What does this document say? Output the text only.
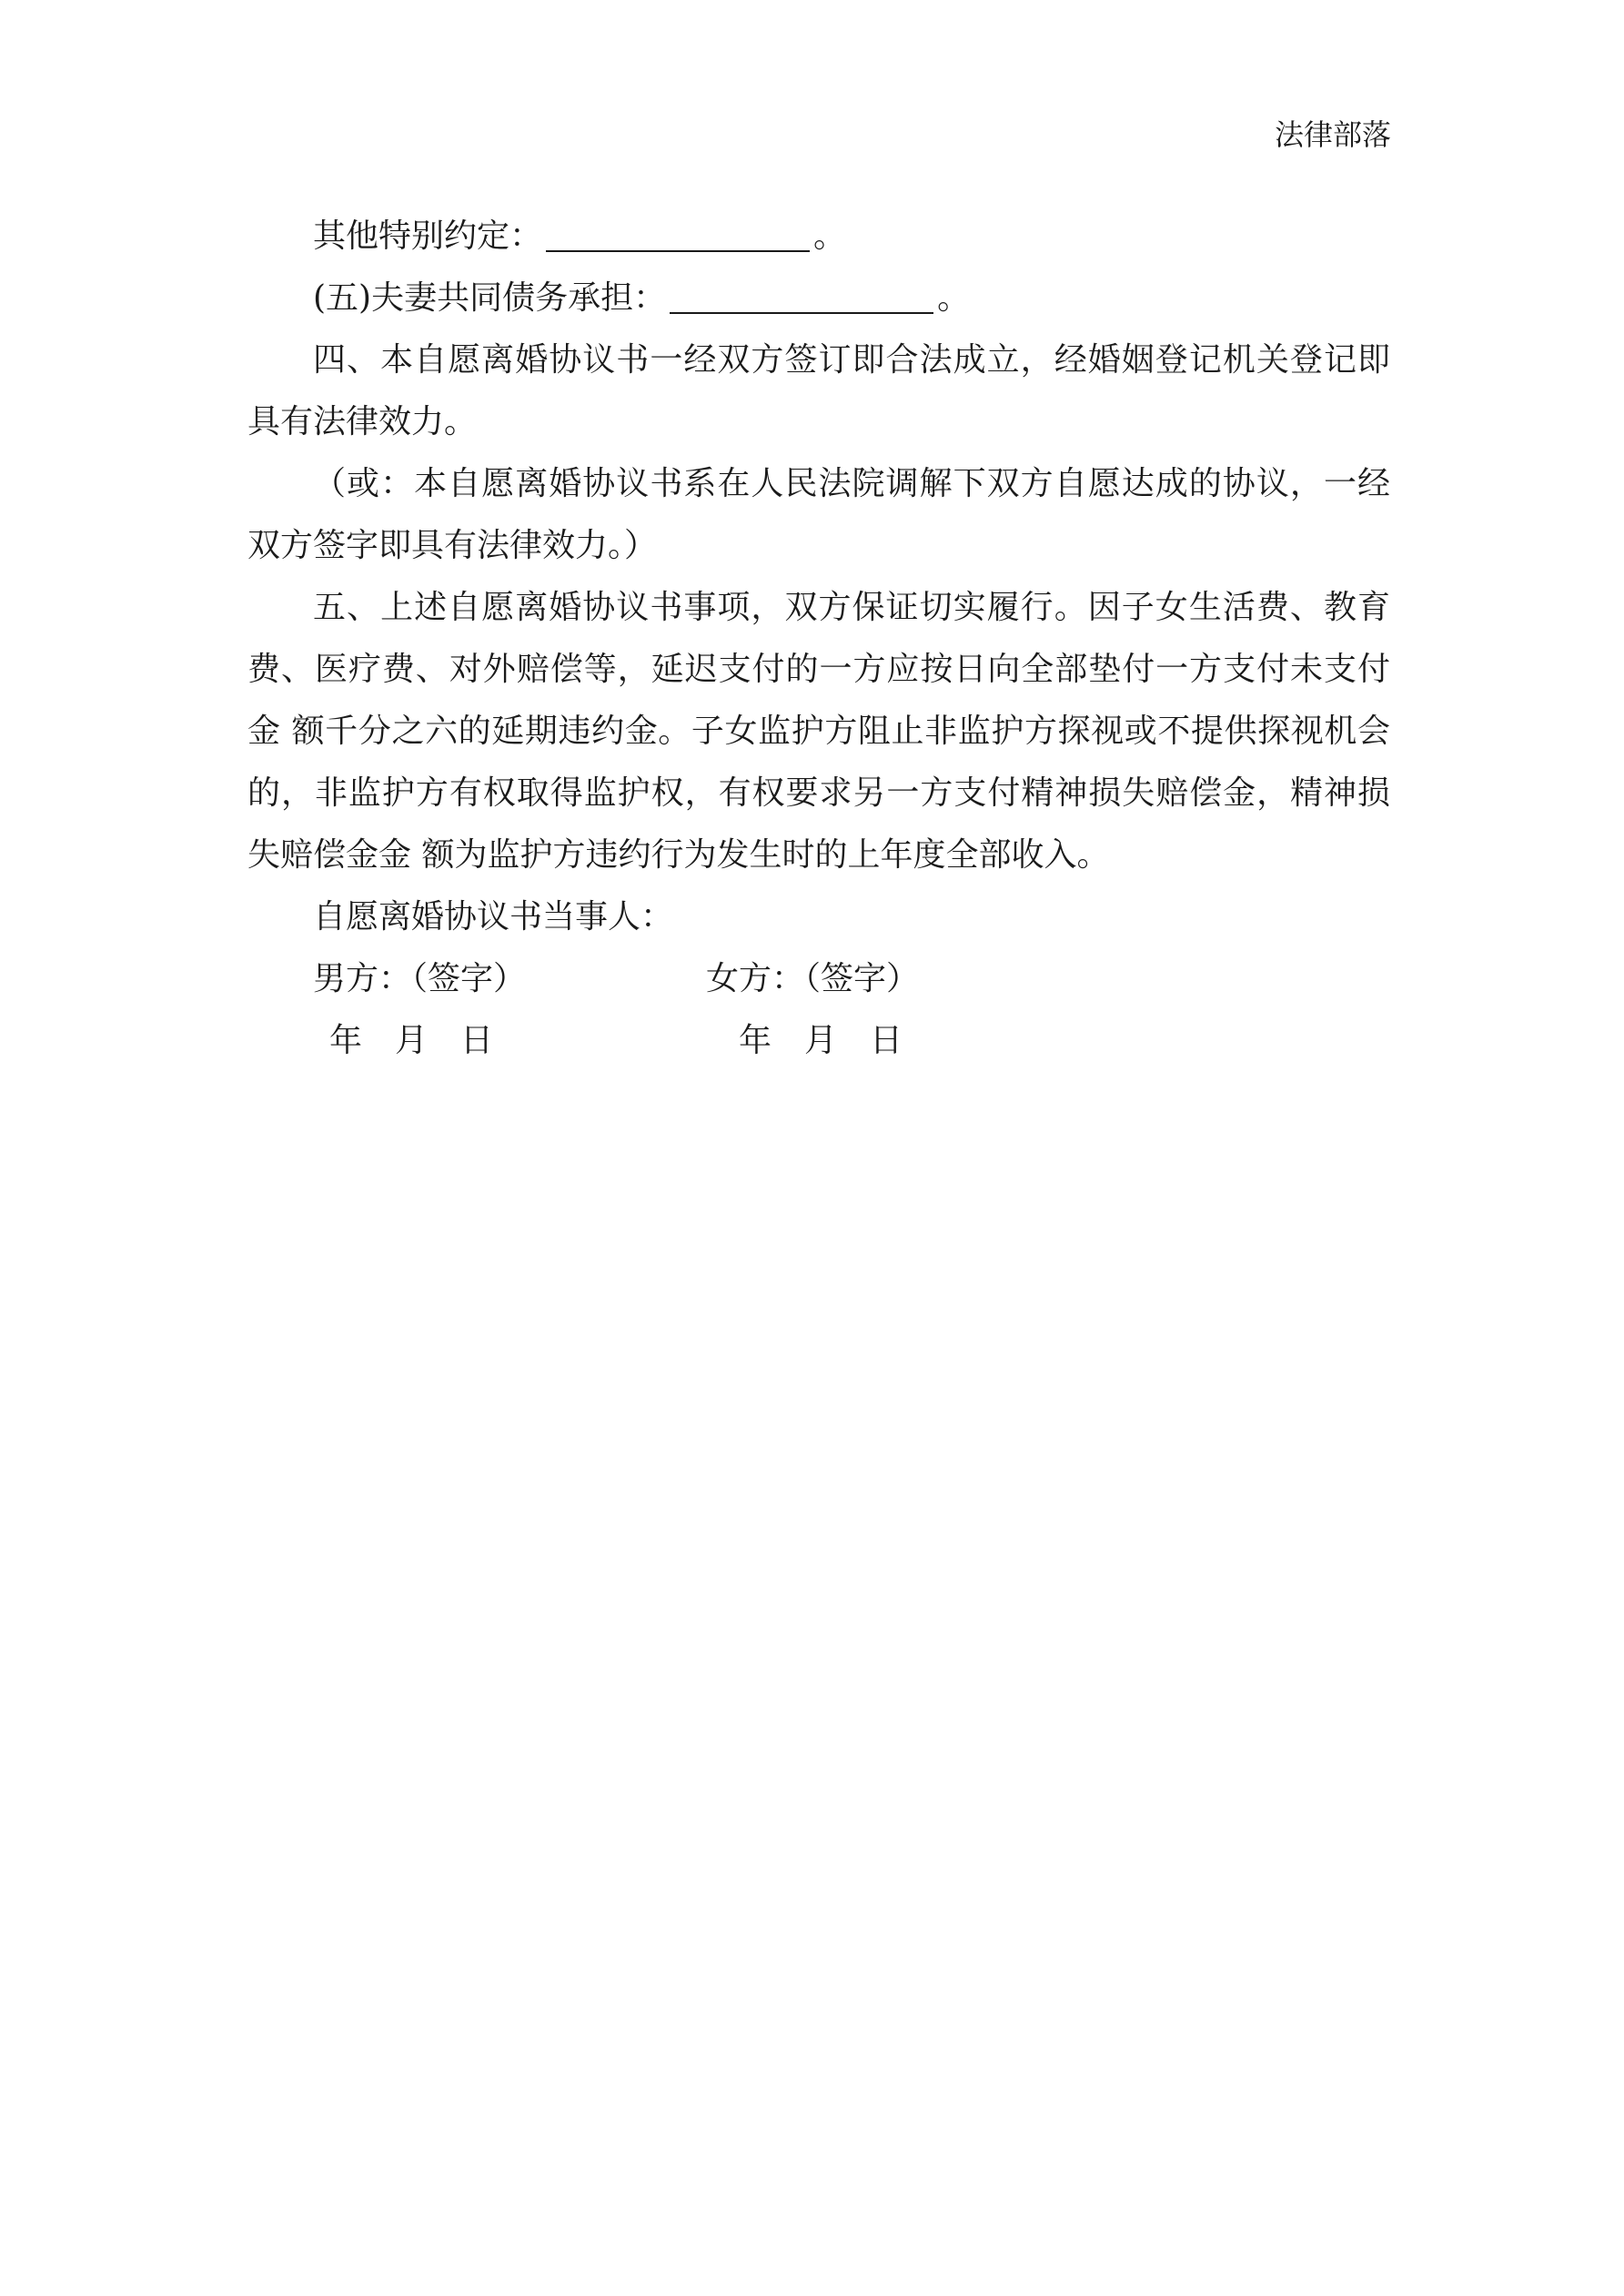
法律部落

其他特别约定：	。

(五)夫妻共同债务承担：	。

四、本自愿离婚协议书一经双方签订即合法成立，经婚姻登记机关登记即具有法律效力。

（或：本自愿离婚协议书系在人民法院调解下双方自愿达成的协议，一经双方签字即具有法律效力。）

五、上述自愿离婚协议书事项，双方保证切实履行。因子女生活费、教育费、医疗费、对外赔偿等，延迟支付的一方应按日向全部垫付一方支付未支付金 额千分之六的延期违约金。子女监护方阻止非监护方探视或不提供探视机会的，非监护方有权取得监护权，有权要求另一方支付精神损失赔偿金，精神损失赔偿金金 额为监护方违约行为发生时的上年度全部收入。

自愿离婚协议书当事人：

男方：（签字）	女方：（签字）
年　月　日	年　月　日
